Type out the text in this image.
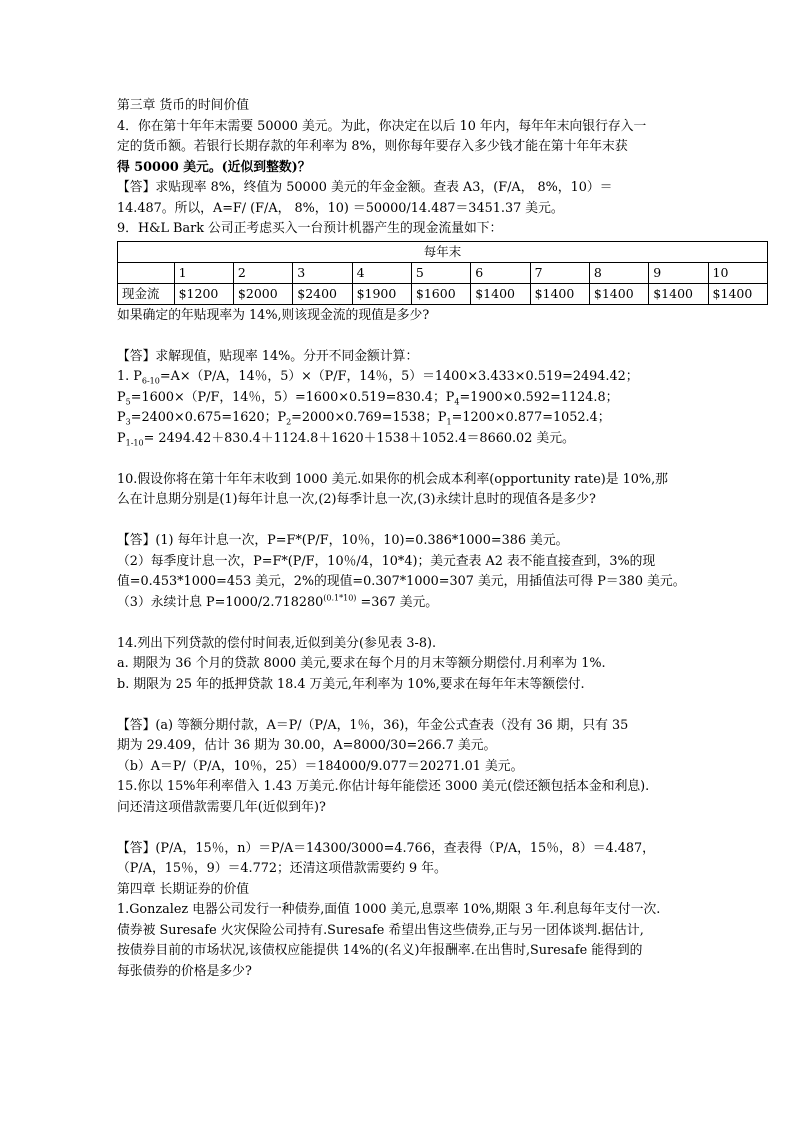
第三章 货币的时间价值

4．你在第十年年末需要 50000 美元。为此，你决定在以后 10 年内，每年年末向银行存入一

定的货币额。若银行长期存款的年利率为 8%，则你每年要存入多少钱才能在第十年年末获

得 50000 美元。(近似到整数)？

【答】求贴现率 8%，终值为 50000 美元的年金金额。查表 A3，(F/A， 8%，10）＝

14.487。所以，A=F/ (F/A， 8%，10) ＝50000/14.487＝3451.37 美元。

9．H&L Bark 公司正考虑买入一台预计机器产生的现金流量如下：

每年末										
	1	2	3	4	5	6	7	8	9	10
现金流	$1200	$2000	$2400	$1900	$1600	$1400	$1400	$1400	$1400	$1400

如果确定的年贴现率为 14%,则该现金流的现值是多少?

【答】求解现值，贴现率 14%。分开不同金额计算：

1. $P_{6-10}=A\times(P/A$，14％，5）×（P/F，14％，5）＝1400×3.433×0.519=2494.42；

$P_5=1600\times(P/F$，14％，5）=1600×0.519=830.4；$P_4=1900\times 0.592=1124.8$；

$P_3=2400\times 0.675=1620$；$P_2=2000\times 0.769=1538$；$P_1=1200\times 0.877=1052.4$；

$P_{1-10}= 2494.42+830.4+1124.8+1620+1538+1052.4=8660.02$ 美元。

10.假设你将在第十年年末收到 1000 美元.如果你的机会成本利率(opportunity rate)是 10%,那

么在计息期分别是(1)每年计息一次,(2)每季计息一次,(3)永续计息时的现值各是多少?

【答】(1) 每年计息一次，P=F*(P/F，10％，10)=0.386*1000=386 美元。

（2）每季度计息一次，P=F*(P/F，10％/4，10*4)；美元查表 A2 表不能直接查到，3%的现

值=0.453*1000=453 美元，2%的现值=0.307*1000=307 美元，用插值法可得 P＝380 美元。

（3）永续计息 $P=1000/2.718280^{(0.1*10)} =367$ 美元。

14.列出下列贷款的偿付时间表,近似到美分(参见表 3-8).

a. 期限为 36 个月的贷款 8000 美元,要求在每个月的月末等额分期偿付.月利率为 1%.

b. 期限为 25 年的抵押贷款 18.4 万美元,年利率为 10%,要求在每年年末等额偿付.

【答】(a) 等额分期付款，A＝P/（P/A，1％，36)，年金公式查表（没有 36 期，只有 35

期为 29.409，估计 36 期为 30.00，A=8000/30=266.7 美元。

（b）A＝P/（P/A，10％，25）＝184000/9.077＝20271.01 美元。

15.你以 15%年利率借入 1.43 万美元.你估计每年能偿还 3000 美元(偿还额包括本金和利息).

问还清这项借款需要几年(近似到年)?

【答】(P/A，15％，n）＝P/A＝14300/3000=4.766，查表得（P/A，15％，8）＝4.487，

（P/A，15％，9）＝4.772；还清这项借款需要约 9 年。

第四章 长期证券的价值

1.Gonzalez 电器公司发行一种债券,面值 1000 美元,息票率 10%,期限 3 年.利息每年支付一次.

债券被 Suresafe 火灾保险公司持有.Suresafe 希望出售这些债券,正与另一团体谈判.据估计,

按债券目前的市场状况,该债权应能提供 14%的(名义)年报酬率.在出售时,Suresafe 能得到的

每张债券的价格是多少?
